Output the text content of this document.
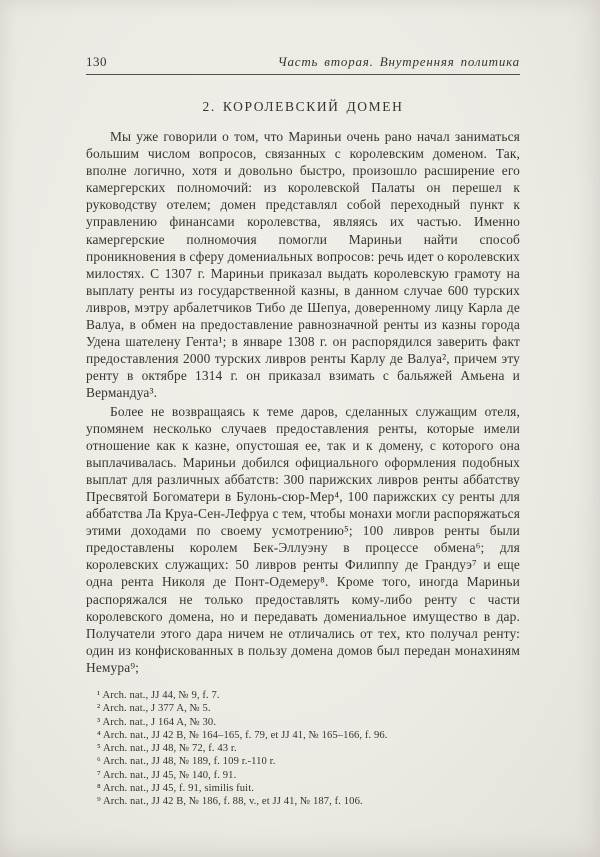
130	Часть вторая. Внутренняя политика
2. КОРОЛЕВСКИЙ ДОМЕН

Мы уже говорили о том, что Мариньи очень рано начал заниматься большим числом вопросов, связанных с королевским доменом. Так, вполне логично, хотя и довольно быстро, произошло расширение его камергерских полномочий: из королевской Палаты он перешел к руководству отелем; домен представлял собой переходный пункт к управлению финансами королевства, являясь их частью. Именно камергерские полномочия помогли Мариньи найти способ проникновения в сферу домениальных вопросов: речь идет о королевских милостях. С 1307 г. Мариньи приказал выдать королевскую грамоту на выплату ренты из государственной казны, в данном случае 600 турских ливров, мэтру арбалетчиков Тибо де Шепуа, доверенному лицу Карла де Валуа, в обмен на предоставление равнозначной ренты из казны города Удена шателену Гента¹; в январе 1308 г. он распорядился заверить факт предоставления 2000 турских ливров ренты Карлу де Валуа², причем эту ренту в октябре 1314 г. он приказал взимать с бальяжей Амьена и Вермандуа³.

Более не возвращаясь к теме даров, сделанных служащим отеля, упомянем несколько случаев предоставления ренты, которые имели отношение как к казне, опустошая ее, так и к домену, с которого она выплачивалась. Мариньи добился официального оформления подобных выплат для различных аббатств: 300 парижских ливров ренты аббатству Пресвятой Богоматери в Булонь-сюр-Мер⁴, 100 парижских су ренты для аббатства Ла Круа-Сен-Лефруа с тем, чтобы монахи могли распоряжаться этими доходами по своему усмотрению⁵; 100 ливров ренты были предоставлены королем Бек-Эллуэну в процессе обмена⁶; для королевских служащих: 50 ливров ренты Филиппу де Грандуэ⁷ и еще одна рента Николя де Понт-Одемеру⁸. Кроме того, иногда Мариньи распоряжался не только предоставлять кому-либо ренту с части королевского домена, но и передавать домениальное имущество в дар. Получатели этого дара ничем не отличались от тех, кто получал ренту: один из конфискованных в пользу домена домов был передан монахиням Немура⁹;

¹ Arch. nat., JJ 44, № 9, f. 7.
² Arch. nat., J 377 A, № 5.
³ Arch. nat., J 164 A, № 30.
⁴ Arch. nat., JJ 42 B, № 164–165, f. 79, et JJ 41, № 165–166, f. 96.
⁵ Arch. nat., JJ 48, № 72, f. 43 r.
⁶ Arch. nat., JJ 48, № 189, f. 109 r.-110 r.
⁷ Arch. nat., JJ 45, № 140, f. 91.
⁸ Arch. nat., JJ 45, f. 91, similis fuit.
⁹ Arch. nat., JJ 42 B, № 186, f. 88, v., et JJ 41, № 187, f. 106.
